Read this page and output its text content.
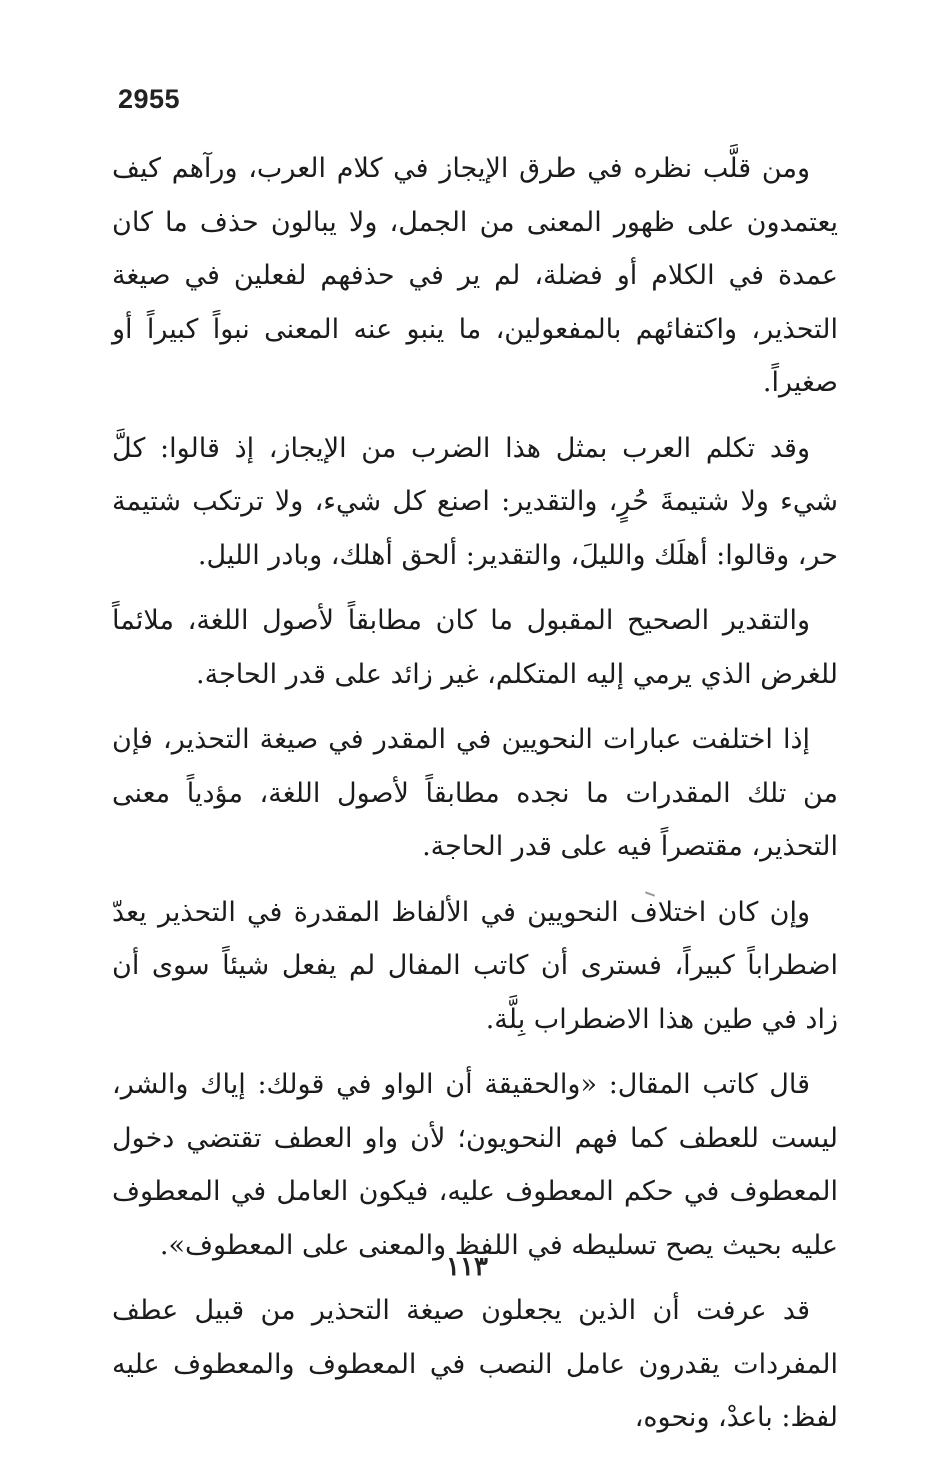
2955

ومن قلَّب نظره في طرق الإيجاز في كلام العرب، ورآهم كيف يعتمدون على ظهور المعنى من الجمل، ولا يبالون حذف ما كان عمدة في الكلام أو فضلة، لم ير في حذفهم لفعلين في صيغة التحذير، واكتفائهم بالمفعولين، ما ينبو عنه المعنى نبواً كبيراً أو صغيراً.

وقد تكلم العرب بمثل هذا الضرب من الإيجاز، إذ قالوا: كلَّ شيء ولا شتيمةَ حُرٍ، والتقدير: اصنع كل شيء، ولا ترتكب شتيمة حر، وقالوا: أهلَك والليلَ، والتقدير: ألحق أهلك، وبادر الليل.

والتقدير الصحيح المقبول ما كان مطابقاً لأصول اللغة، ملائماً للغرض الذي يرمي إليه المتكلم، غير زائد على قدر الحاجة.

إذا اختلفت عبارات النحويين في المقدر في صيغة التحذير، فإن من تلك المقدرات ما نجده مطابقاً لأصول اللغة، مؤدياً معنى التحذير، مقتصراً فيه على قدر الحاجة.

وإن كان اختلاف النحويين في الألفاظ المقدرة في التحذير يعدّ اضطراباً كبيراً، فسترى أن كاتب المفال لم يفعل شيئاً سوى أن زاد في طين هذا الاضطراب بِلَّة.

قال كاتب المقال: «والحقيقة أن الواو في قولك: إياك والشر، ليست للعطف كما فهم النحويون؛ لأن واو العطف تقتضي دخول المعطوف في حكم المعطوف عليه، فيكون العامل في المعطوف عليه بحيث يصح تسليطه في اللفظ والمعنى على المعطوف».

قد عرفت أن الذين يجعلون صيغة التحذير من قبيل عطف المفردات يقدرون عامل النصب في المعطوف والمعطوف عليه لفظ: باعدْ، ونحوه،

١١٣
